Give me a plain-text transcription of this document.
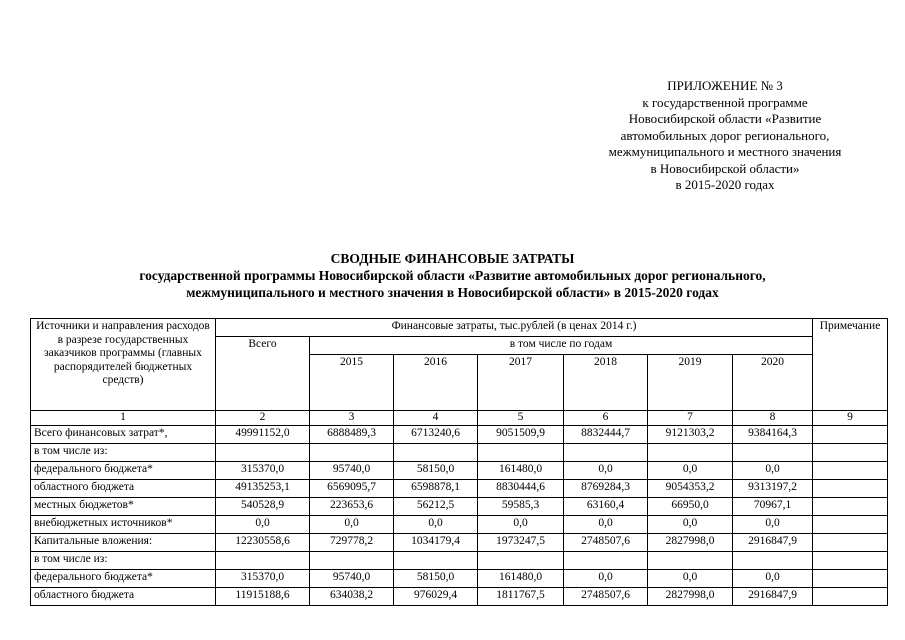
ПРИЛОЖЕНИЕ № 3
к государственной программе
Новосибирской области «Развитие
автомобильных дорог регионального,
межмуниципального и местного значения
в Новосибирской области»
в 2015-2020 годах
СВОДНЫЕ ФИНАНСОВЫЕ ЗАТРАТЫ
государственной программы Новосибирской области «Развитие автомобильных дорог регионального,
межмуниципального и местного значения в Новосибирской области» в 2015-2020 годах
Источники и направления расходов в разрезе государственных заказчиков программы (главных распорядителей бюджетных средств)	Финансовые затраты, тыс.рублей (в ценах 2014 г.)							Примечание
	Всего	в том числе по годам						
		2015	2016	2017	2018	2019	2020	
1	2	3	4	5	6	7	8	9
Всего финансовых затрат*,	49991152,0	6888489,3	6713240,6	9051509,9	8832444,7	9121303,2	9384164,3	
в том числе из:								
федерального бюджета*	315370,0	95740,0	58150,0	161480,0	0,0	0,0	0,0	
областного бюджета	49135253,1	6569095,7	6598878,1	8830444,6	8769284,3	9054353,2	9313197,2	
местных бюджетов*	540528,9	223653,6	56212,5	59585,3	63160,4	66950,0	70967,1	
внебюджетных источников*	0,0	0,0	0,0	0,0	0,0	0,0	0,0	
Капитальные вложения:	12230558,6	729778,2	1034179,4	1973247,5	2748507,6	2827998,0	2916847,9	
в том числе из:								
федерального бюджета*	315370,0	95740,0	58150,0	161480,0	0,0	0,0	0,0	
областного бюджета	11915188,6	634038,2	976029,4	1811767,5	2748507,6	2827998,0	2916847,9	
